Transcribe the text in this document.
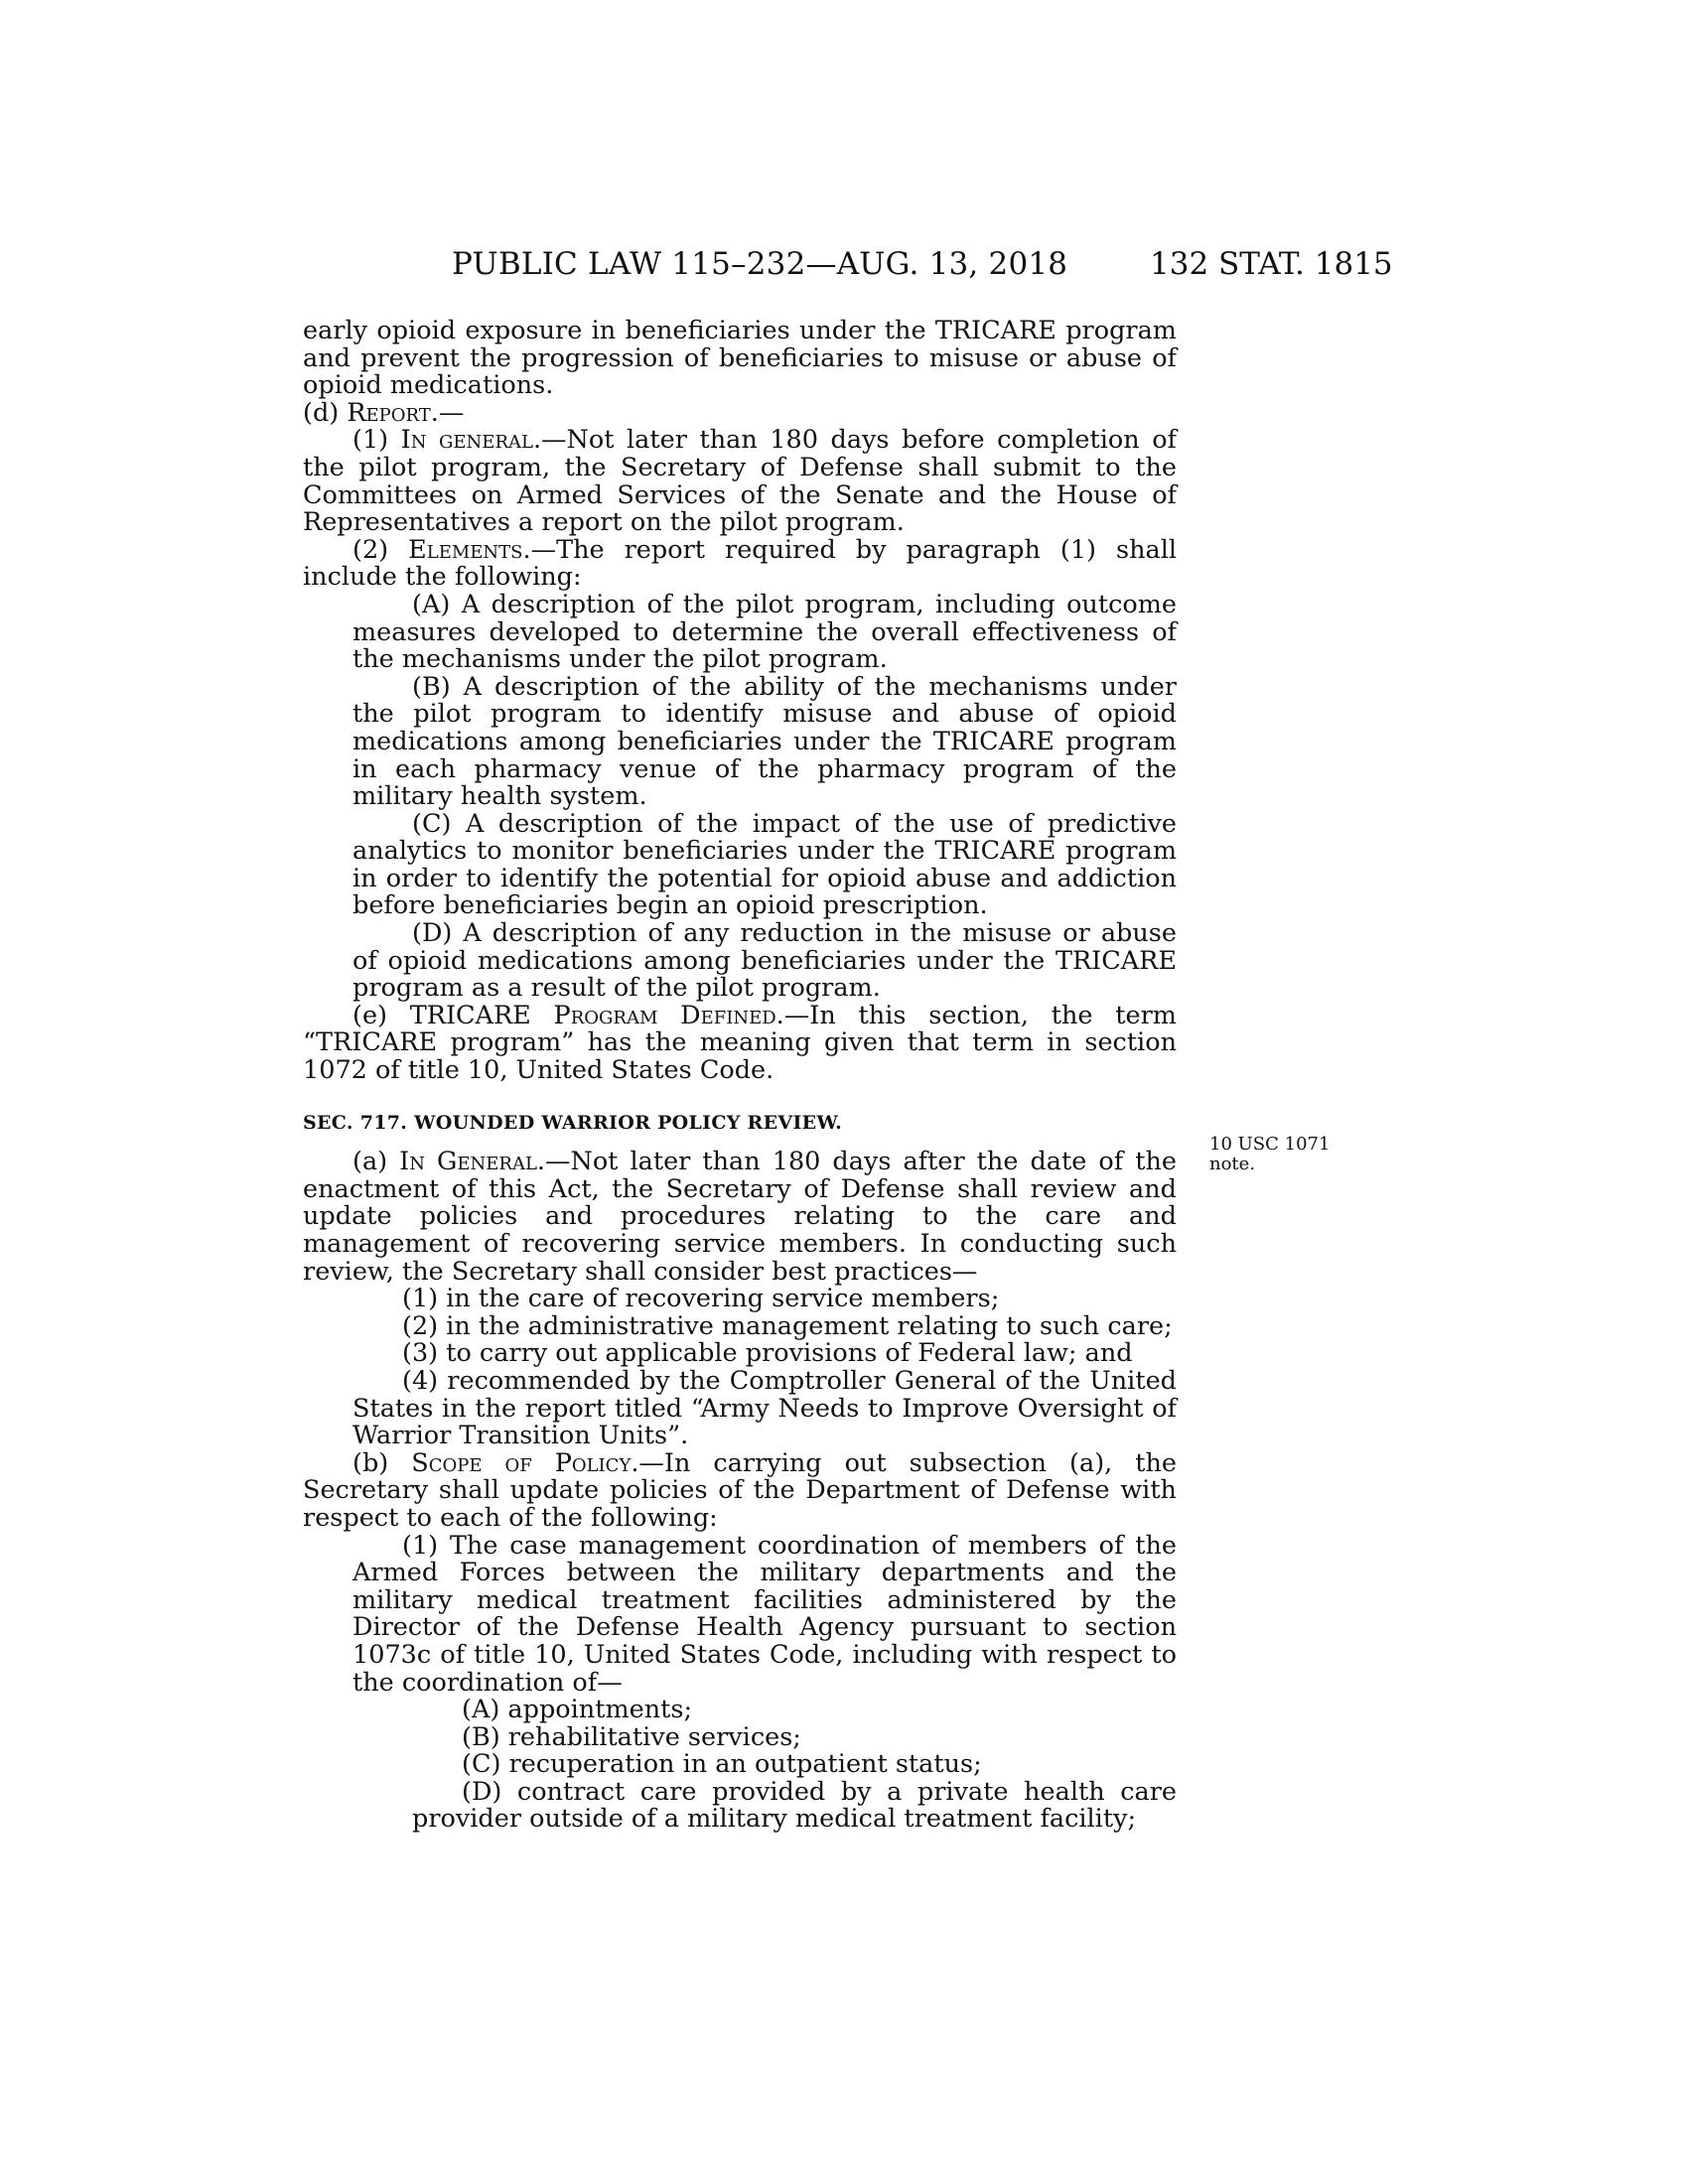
PUBLIC LAW 115–232—AUG. 13, 2018	132 STAT. 1815

early opioid exposure in beneficiaries under the TRICARE program and prevent the progression of beneficiaries to misuse or abuse of opioid medications.

(d) Report.—

(1) In general.—Not later than 180 days before completion of the pilot program, the Secretary of Defense shall submit to the Committees on Armed Services of the Senate and the House of Representatives a report on the pilot program.

(2) Elements.—The report required by paragraph (1) shall include the following:

(A) A description of the pilot program, including outcome measures developed to determine the overall effectiveness of the mechanisms under the pilot program.

(B) A description of the ability of the mechanisms under the pilot program to identify misuse and abuse of opioid medications among beneficiaries under the TRICARE program in each pharmacy venue of the pharmacy program of the military health system.

(C) A description of the impact of the use of predictive analytics to monitor beneficiaries under the TRICARE program in order to identify the potential for opioid abuse and addiction before beneficiaries begin an opioid prescription.

(D) A description of any reduction in the misuse or abuse of opioid medications among beneficiaries under the TRICARE program as a result of the pilot program.

(e) TRICARE Program Defined.—In this section, the term “TRICARE program” has the meaning given that term in section 1072 of title 10, United States Code.

SEC. 717. WOUNDED WARRIOR POLICY REVIEW.

(a) In General.—Not later than 180 days after the date of the enactment of this Act, the Secretary of Defense shall review and update policies and procedures relating to the care and management of recovering service members. In conducting such review, the Secretary shall consider best practices—

(1) in the care of recovering service members;

(2) in the administrative management relating to such care;

(3) to carry out applicable provisions of Federal law; and

(4) recommended by the Comptroller General of the United States in the report titled “Army Needs to Improve Oversight of Warrior Transition Units”.

(b) Scope of Policy.—In carrying out subsection (a), the Secretary shall update policies of the Department of Defense with respect to each of the following:

(1) The case management coordination of members of the Armed Forces between the military departments and the military medical treatment facilities administered by the Director of the Defense Health Agency pursuant to section 1073c of title 10, United States Code, including with respect to the coordination of—

(A) appointments;

(B) rehabilitative services;

(C) recuperation in an outpatient status;

(D) contract care provided by a private health care provider outside of a military medical treatment facility;

10 USC 1071 note.
